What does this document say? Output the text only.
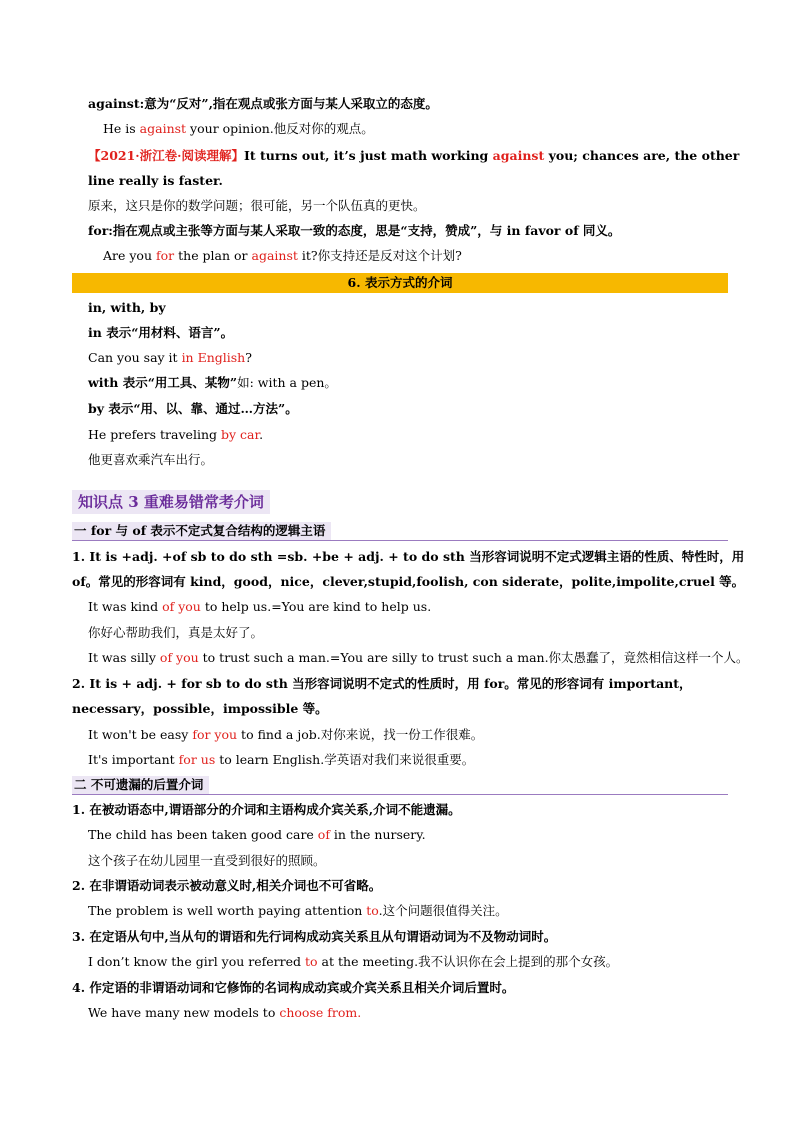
against:意为“反对”,指在观点或张方面与某人采取立的态度。
He is against your opinion.他反对你的观点。
【2021·浙江卷·阅读理解】It turns out, it’s just math working against you; chances are, the other
line really is faster.
原来，这只是你的数学问题；很可能，另一个队伍真的更快。
for:指在观点或主张等方面与某人采取一致的态度，思是“支持，赞成”，与 in favor of 同义。
Are you for the plan or against it?你支持还是反对这个计划?
6. 表示方式的介词
in, with, by
in 表示“用材料、语言”。
Can you say it in English?
with 表示“用工具、某物”如: with a pen。
by 表示“用、以、靠、通过…方法”。
He prefers traveling by car.
他更喜欢乘汽车出行。
知识点 3 重难易错常考介词
一 for 与 of 表示不定式复合结构的逻辑主语
1. It is +adj. +of sb to do sth =sb. +be + adj. + to do sth 当形容词说明不定式逻辑主语的性质、特性时，用
of。常见的形容词有 kind，good，nice，clever,stupid,foolish, con siderate，polite,impolite,cruel 等。
It was kind of you to help us.=You are kind to help us.
你好心帮助我们，真是太好了。
It was silly of you to trust such a man.=You are silly to trust such a man.你太愚蠢了，竟然相信这样一个人。
2. It is + adj. + for sb to do sth 当形容词说明不定式的性质时，用 for。常见的形容词有 important，
necessary，possible，impossible 等。
It won't be easy for you to find a job.对你来说，找一份工作很难。
It's important for us to learn English.学英语对我们来说很重要。
二 不可遗漏的后置介词
1. 在被动语态中,谓语部分的介词和主语构成介宾关系,介词不能遗漏。
The child has been taken good care of in the nursery.
这个孩子在幼儿园里一直受到很好的照顾。
2. 在非谓语动词表示被动意义时,相关介词也不可省略。
The problem is well worth paying attention to.这个问题很值得关注。
3. 在定语从句中,当从句的谓语和先行词构成动宾关系且从句谓语动词为不及物动词时。
I don’t know the girl you referred to at the meeting.我不认识你在会上提到的那个女孩。
4. 作定语的非谓语动词和它修饰的名词构成动宾或介宾关系且相关介词后置时。
We have many new models to choose from.
